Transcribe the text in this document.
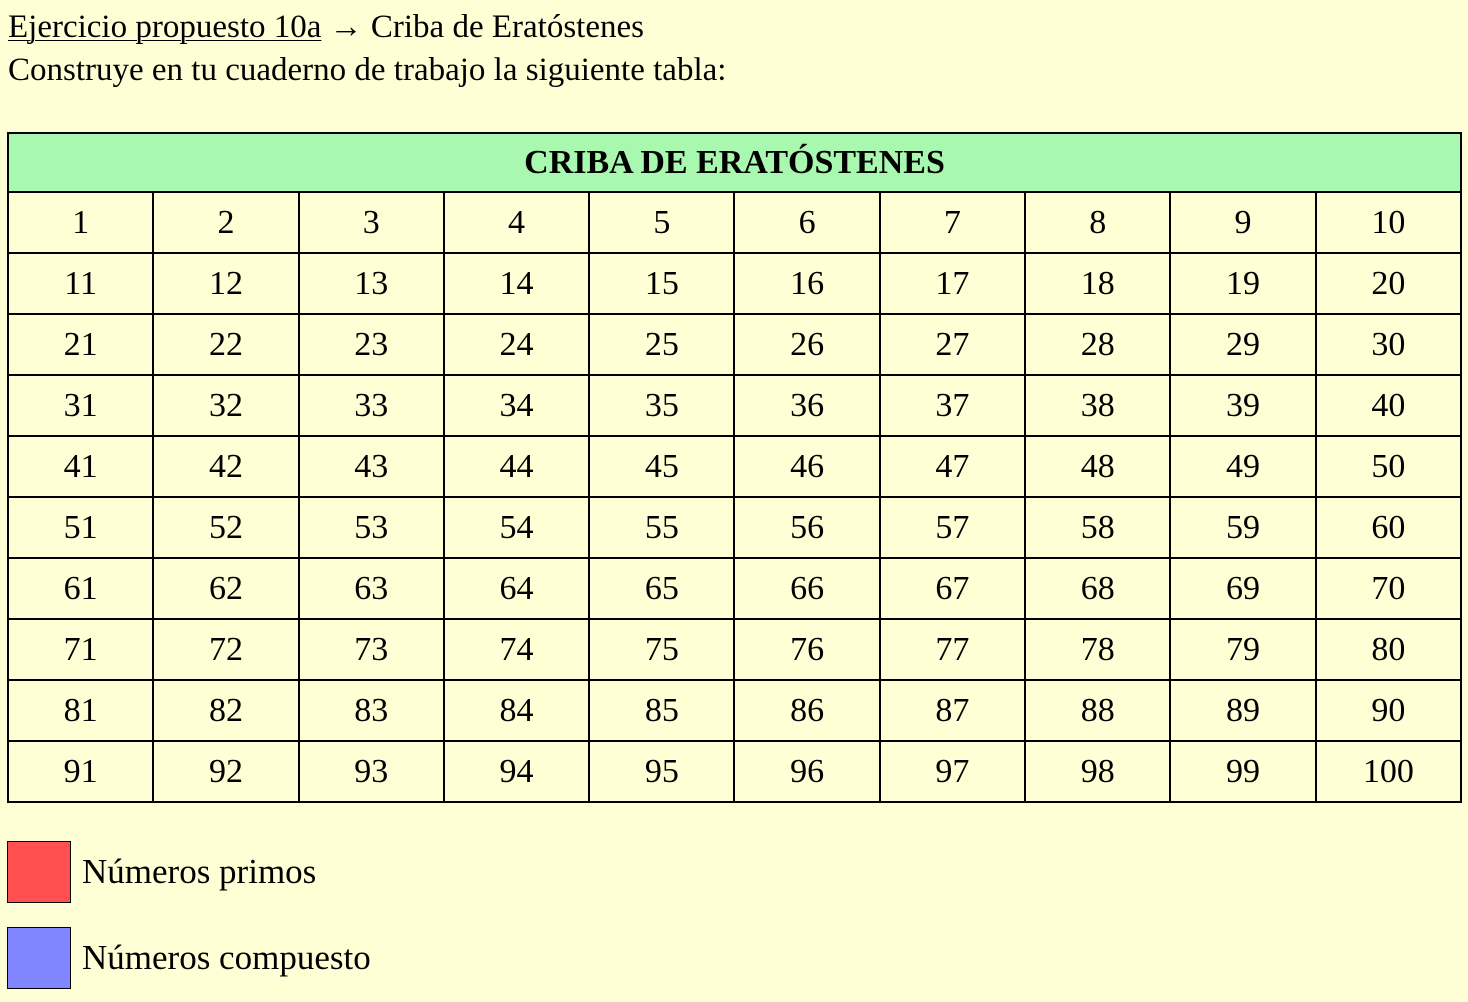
Ejercicio propuesto 10a → Criba de Eratóstenes
Construye en tu cuaderno de trabajo la siguiente tabla:
CRIBA DE ERATÓSTENES									
1	2	3	4	5	6	7	8	9	10
11	12	13	14	15	16	17	18	19	20
21	22	23	24	25	26	27	28	29	30
31	32	33	34	35	36	37	38	39	40
41	42	43	44	45	46	47	48	49	50
51	52	53	54	55	56	57	58	59	60
61	62	63	64	65	66	67	68	69	70
71	72	73	74	75	76	77	78	79	80
81	82	83	84	85	86	87	88	89	90
91	92	93	94	95	96	97	98	99	100
Números primos
Números compuesto
